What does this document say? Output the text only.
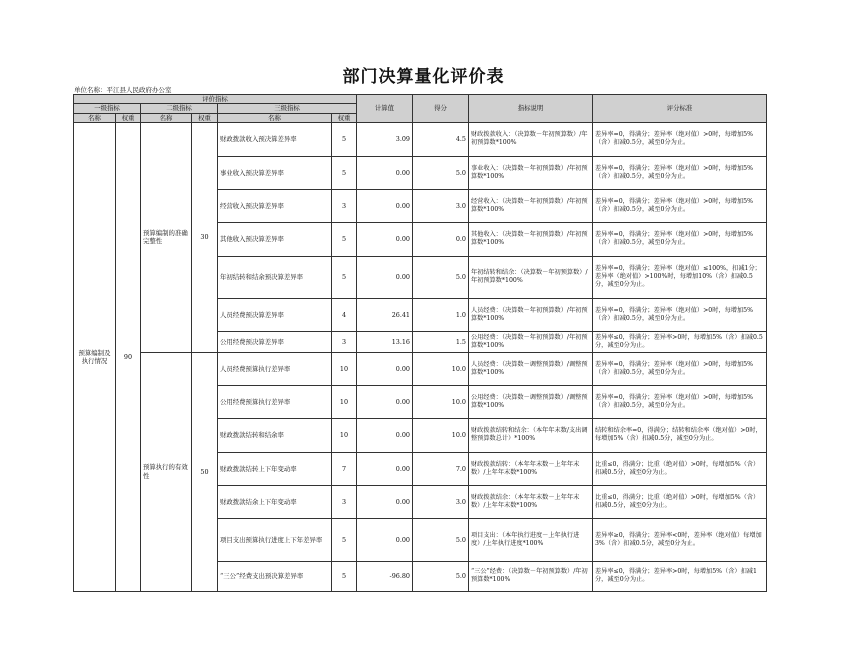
部门决算量化评价表
单位名称：平江县人民政府办公室
评价指标						计算值	得分	指标说明	评分标准
一级指标		二级指标		三级指标					
名称	权重	名称	权重	名称	权重				
预算编制及执行情况	90	预算编制的准确完整性	30	财政拨款收入预决算差异率	5	3.09	4.5	财政拨款收入：（决算数－年初预算数）/年初预算数*100%	差异率=0，得满分；差异率（绝对值）>0时，每增加5%（含）扣减0.5分，减至0分为止。
				事业收入预决算差异率	5	0.00	5.0	事业收入：（决算数－年初预算数）/年初预算数*100%	差异率=0，得满分；差异率（绝对值）>0时，每增加5%（含）扣减0.5分，减至0分为止。
				经营收入预决算差异率	3	0.00	3.0	经营收入：（决算数－年初预算数）/年初预算数*100%	差异率=0，得满分；差异率（绝对值）>0时，每增加5%（含）扣减0.5分，减至0分为止。
				其他收入预决算差异率	5	0.00	0.0	其他收入：（决算数－年初预算数）/年初预算数*100%	差异率=0，得满分；差异率（绝对值）>0时，每增加5%（含）扣减0.5分，减至0分为止。
				年初结转和结余预决算差异率	5	0.00	5.0	年初结转和结余：（决算数－年初预算数）/年初预算数*100%	差异率=0，得满分；差异率（绝对值）≤100%，扣减1分；差异率（绝对值）>100%时，每增加10%（含）扣减0.5分，减至0分为止。
				人员经费预决算差异率	4	26.41	1.0	人员经费：（决算数－年初预算数）/年初预算数*100%	差异率=0，得满分；差异率（绝对值）>0时，每增加5%（含）扣减0.5分，减至0分为止。
				公用经费预决算差异率	3	13.16	1.5	公用经费：（决算数－年初预算数）/年初预算数*100%	差异率≤0，得满分；差异率>0时，每增加5%（含）扣减0.5分，减至0分为止。
		预算执行的有效性	50	人员经费预算执行差异率	10	0.00	10.0	人员经费：（决算数－调整预算数）/调整预算数*100%	差异率=0，得满分；差异率（绝对值）>0时，每增加5%（含）扣减0.5分，减至0分为止。
				公用经费预算执行差异率	10	0.00	10.0	公用经费：（决算数－调整预算数）/调整预算数*100%	差异率=0，得满分；差异率（绝对值）>0时，每增加5%（含）扣减0.5分，减至0分为止。
				财政拨款结转和结余率	10	0.00	10.0	财政拨款结转和结余：（本年年末数/支出调整预算数总计）*100%	结转和结余率=0，得满分；结转和结余率（绝对值）>0时，每增加5%（含）扣减0.5分，减至0分为止。
				财政拨款结转上下年变动率	7	0.00	7.0	财政拨款结转：（本年年末数－上年年末数）/上年年末数*100%	比重≤0，得满分；比重（绝对值）>0时，每增加5%（含）扣减0.5分，减至0分为止。
				财政拨款结余上下年变动率	3	0.00	3.0	财政拨款结余：（本年年末数－上年年末数）/上年年末数*100%	比重≤0，得满分；比重（绝对值）>0时，每增加5%（含）扣减0.5分，减至0分为止。
				项目支出预算执行进度上下年差异率	5	0.00	5.0	项目支出：（本年执行进度－上年执行进度）/上年执行进度*100%	差异率≥0，得满分；差异率<0时，差异率（绝对值）每增加3%（含）扣减0.5分，减至0分为止。
				“三公”经费支出预决算差异率	5	-96.80	5.0	“三公”经费：（决算数－年初预算数）/年初预算数*100%	差异率≤0，得满分；差异率>0时，每增加5%（含）扣减1分，减至0分为止。
